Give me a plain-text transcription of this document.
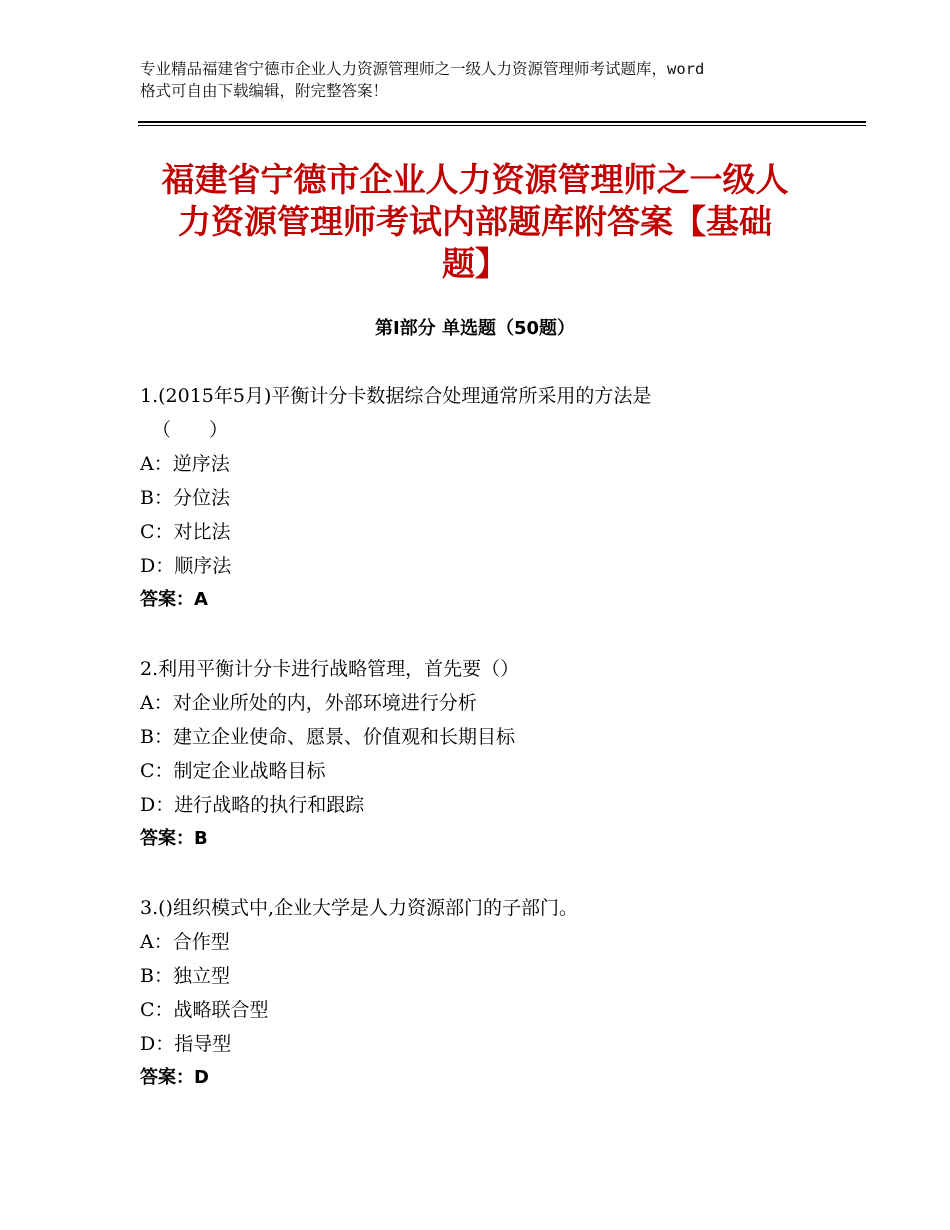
专业精品福建省宁德市企业人力资源管理师之一级人力资源管理师考试题库，word
格式可自由下载编辑，附完整答案！
福建省宁德市企业人力资源管理师之一级人
力资源管理师考试内部题库附答案【基础
题】
第Ⅰ部分 单选题（50题）
1.(2015年5月)平衡计分卡数据综合处理通常所采用的方法是
（　　）
A：逆序法
B：分位法
C：对比法
D：顺序法
答案：A
2.利用平衡计分卡进行战略管理，首先要（）
A：对企业所处的内，外部环境进行分析
B：建立企业使命、愿景、价值观和长期目标
C：制定企业战略目标
D：进行战略的执行和跟踪
答案：B
3.()组织模式中,企业大学是人力资源部门的子部门。
A：合作型
B：独立型
C：战略联合型
D：指导型
答案：D
